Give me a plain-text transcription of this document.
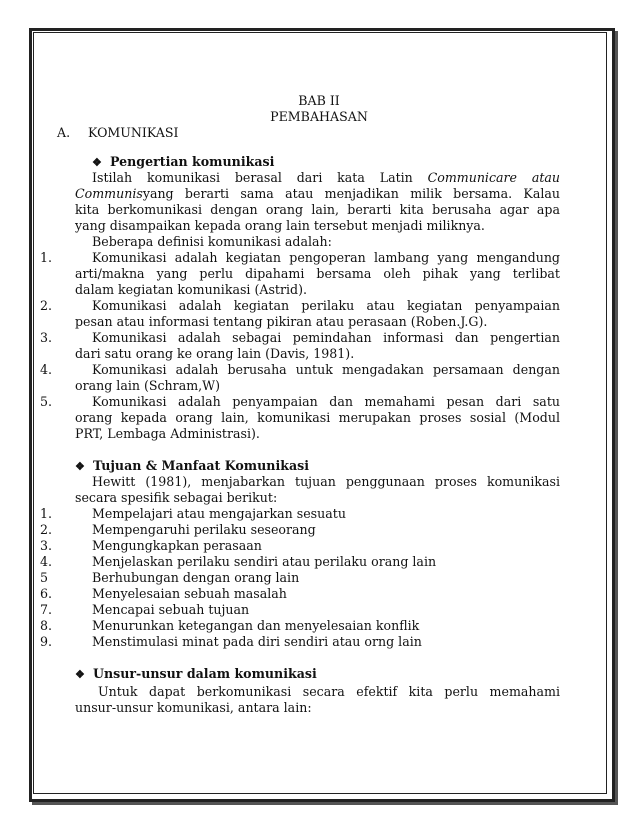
BAB II
PEMBAHASAN
A. KOMUNIKASI
❖ Pengertian komunikasi
Istilah komunikasi berasal dari kata Latin Communicare atau
Communisyang berarti sama atau menjadikan milik bersama. Kalau
kita berkomunikasi dengan orang lain, berarti kita berusaha agar apa
yang disampaikan kepada orang lain tersebut menjadi miliknya.
Beberapa definisi komunikasi adalah:
1.	Komunikasi adalah kegiatan pengoperan lambang yang mengandung
arti/makna yang perlu dipahami bersama oleh pihak yang terlibat
dalam kegiatan komunikasi (Astrid).
2.	Komunikasi adalah kegiatan perilaku atau kegiatan penyampaian
pesan atau informasi tentang pikiran atau perasaan (Roben.J.G).
3.	Komunikasi adalah sebagai pemindahan informasi dan pengertian
dari satu orang ke orang lain (Davis, 1981).
4.	Komunikasi adalah berusaha untuk mengadakan persamaan dengan
orang lain (Schram,W)
5.	Komunikasi adalah penyampaian dan memahami pesan dari satu
orang kepada orang lain, komunikasi merupakan proses sosial (Modul
PRT, Lembaga Administrasi).
❖ Tujuan & Manfaat Komunikasi
Hewitt (1981), menjabarkan tujuan penggunaan proses komunikasi
secara spesifik sebagai berikut:
1.	Mempelajari atau mengajarkan sesuatu
2.	Mempengaruhi perilaku seseorang
3.	Mengungkapkan perasaan
4.	Menjelaskan perilaku sendiri atau perilaku orang lain
5	Berhubungan dengan orang lain
6.	Menyelesaian sebuah masalah
7.	Mencapai sebuah tujuan
8.	Menurunkan ketegangan dan menyelesaian konflik
9.	Menstimulasi minat pada diri sendiri atau orng lain
❖ Unsur-unsur dalam komunikasi
Untuk dapat berkomunikasi secara efektif kita perlu memahami
unsur-unsur komunikasi, antara lain:
